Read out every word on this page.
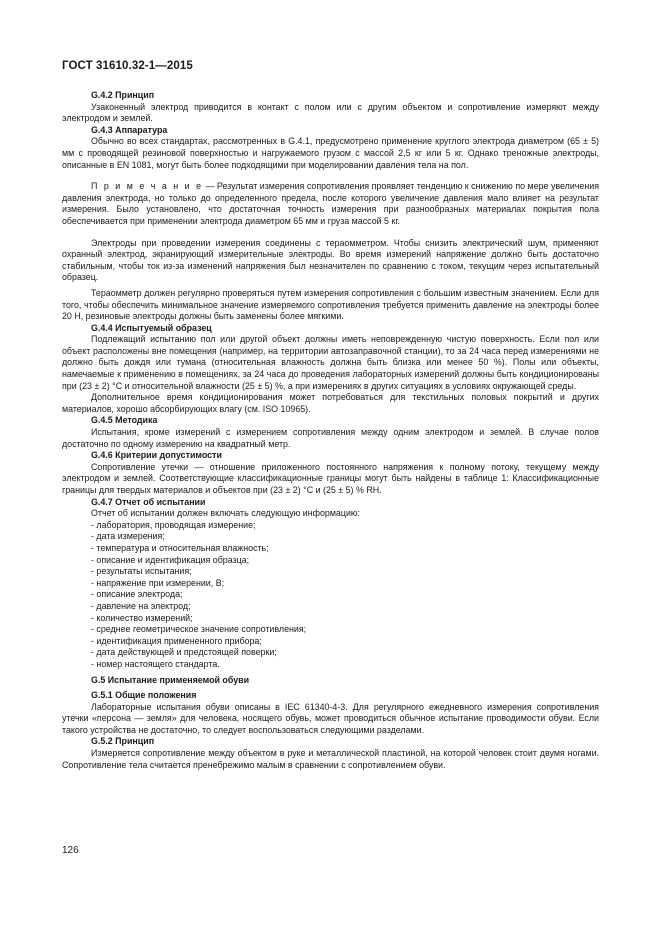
ГОСТ 31610.32-1—2015

G.4.2 Принцип

Узаконенный электрод приводится в контакт с полом или с другим объектом и сопротивление измеряют между электродом и землей.

G.4.3 Аппаратура

Обычно во всех стандартах, рассмотренных в G.4.1, предусмотрено применение круглого электрода диаметром (65 ± 5) мм с проводящей резиновой поверхностью и нагружаемого грузом с массой 2,5 кг или 5 кг. Однако треножные электроды, описанные в EN 1081, могут быть более подходящими при моделировании давления тела на пол.

П р и м е ч а н и е — Результат измерения сопротивления проявляет тенденцию к снижению по мере увеличения давления электрода, но только до определенного предела, после которого увеличение давления мало влияет на результат измерения. Было установлено, что достаточная точность измерения при разнообразных материалах покрытия пола обеспечивается при применении электрода диаметром 65 мм и груза массой 5 кг.

Электроды при проведении измерения соединены с тераомметром. Чтобы снизить электрический шум, применяют охранный электрод, экранирующий измерительные электроды. Во время измерений напряжение должно быть достаточно стабильным, чтобы ток из-за изменений напряжения был незначителен по сравнению с током, текущим через испытательный образец.

Тераомметр должен регулярно проверяться путем измерения сопротивления с большим известным значением. Если для того, чтобы обеспечить минимальное значение измеряемого сопротивления требуется применить давление на электроды более 20 Н, резиновые электроды должны быть заменены более мягкими.

G.4.4 Испытуемый образец

Подлежащий испытанию пол или другой объект должны иметь неповрежденную чистую поверхность. Если пол или объект расположены вне помещения (например, на территории автозаправочной станции), то за 24 часа перед измерениями не должно быть дождя или тумана (относительная влажность должна быть близка или менее 50 %). Полы или объекты, намечаемые к применению в помещениях, за 24 часа до проведения лабораторных измерений должны быть кондиционированы при (23 ± 2) °C и относительной влажности (25 ± 5) %, а при измерениях в других ситуациях в условиях окружающей среды.

Дополнительное время кондиционирования может потребоваться для текстильных половых покрытий и других материалов, хорошо абсорбирующих влагу (см. ISO 10965).

G.4.5 Методика

Испытания, кроме измерений с измерением сопротивления между одним электродом и землей. В случае полов достаточно по одному измерению на квадратный метр.

G.4.6 Критерии допустимости

Сопротивление утечки — отношение приложенного постоянного напряжения к полному потоку, текущему между электродом и землей. Соответствующие классификационные границы могут быть найдены в таблице 1: Классификационные границы для твердых материалов и объектов при (23 ± 2) °C и (25 ± 5) % RH.

G.4.7 Отчет об испытании

Отчет об испытании должен включать следующую информацию:

- лаборатория, проводящая измерение;
- дата измерения;
- температура и относительная влажность;
- описание и идентификация образца;
- результаты испытания;
- напряжение при измерении, В;
- описание электрода;
- давление на электрод;
- количество измерений;
- среднее геометрическое значение сопротивления;
- идентификация примененного прибора;
- дата действующей и предстоящей поверки;
- номер настоящего стандарта.

G.5 Испытание применяемой обуви

G.5.1 Общие положения

Лабораторные испытания обуви описаны в IEC 61340-4-3. Для регулярного ежедневного измерения сопротивления утечки «персона — земля» для человека, носящего обувь, может проводиться обычное испытание проводимости обуви. Если такого устройства не достаточно, то следует воспользоваться следующими разделами.

G.5.2 Принцип

Измеряется сопротивление между объектом в руке и металлической пластиной, на которой человек стоит двумя ногами. Сопротивление тела считается пренебрежимо малым в сравнении с сопротивлением обуви.

126
